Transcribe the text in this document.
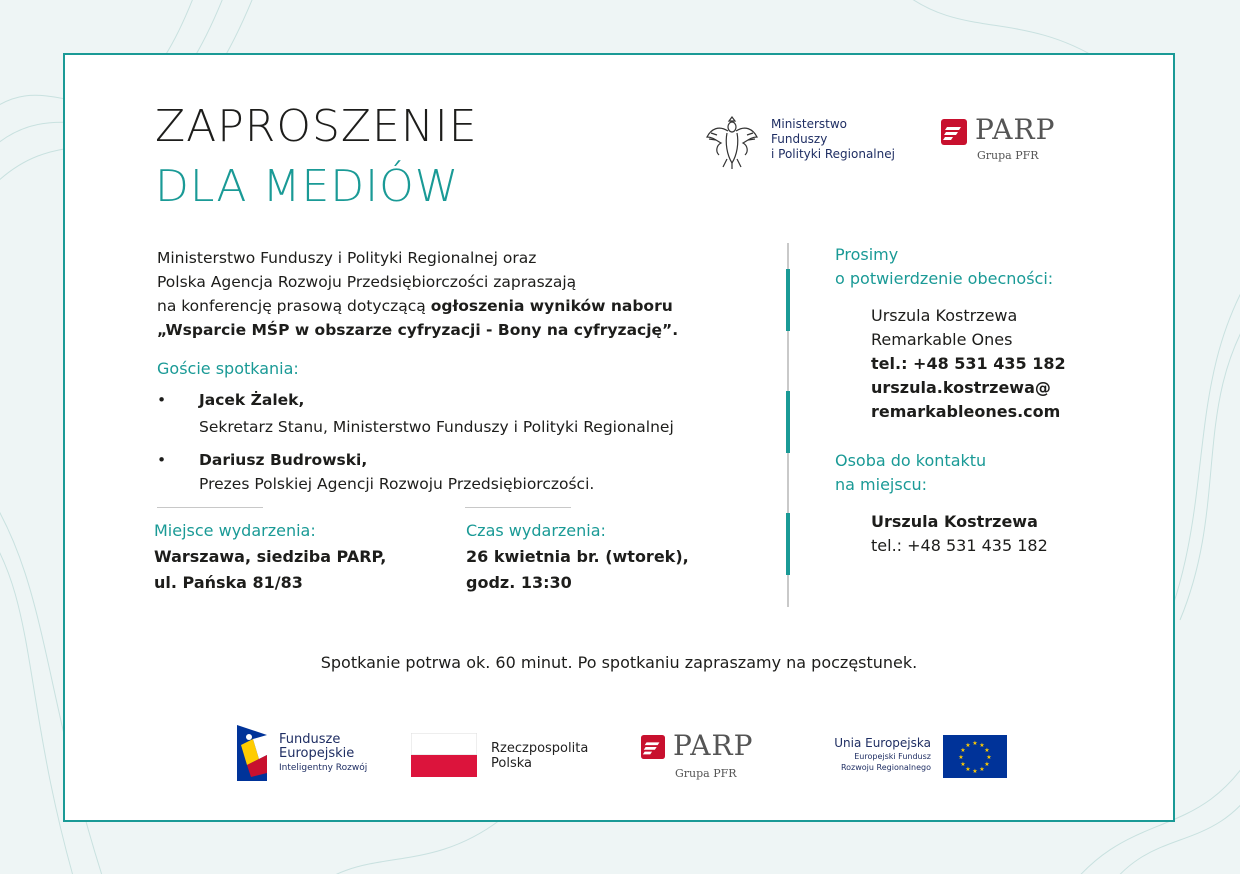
ZAPROSZENIE
DLA MEDIÓW
Ministerstwo
Funduszy
i Polityki Regionalnej
PARP
Grupa PFR
Ministerstwo Funduszy i Polityki Regionalnej oraz
Polska Agencja Rozwoju Przedsiębiorczości zapraszają
na konferencję prasową dotyczącą ogłoszenia wyników naboru
„Wsparcie MŚP w obszarze cyfryzacji - Bony na cyfryzację”.
Goście spotkania:
• Jacek Żalek,
Sekretarz Stanu, Ministerstwo Funduszy i Polityki Regionalnej
• Dariusz Budrowski,
Prezes Polskiej Agencji Rozwoju Przedsiębiorczości.
Miejsce wydarzenia:
Warszawa, siedziba PARP,
ul. Pańska 81/83
Czas wydarzenia:
26 kwietnia br. (wtorek),
godz. 13:30
Prosimy
o potwierdzenie obecności:
Urszula Kostrzewa
Remarkable Ones
tel.: +48 531 435 182
urszula.kostrzewa@
remarkableones.com
Osoba do kontaktu
na miejscu:
Urszula Kostrzewa
tel.: +48 531 435 182
Spotkanie potrwa ok. 60 minut. Po spotkaniu zapraszamy na poczęstunek.
Fundusze
Europejskie
Inteligentny Rozwój
Rzeczpospolita
Polska
PARP
Grupa PFR
Unia Europejska
Europejski Fundusz
Rozwoju Regionalnego
★ ★
★
★
★
★
★
★
★
★
★
★
